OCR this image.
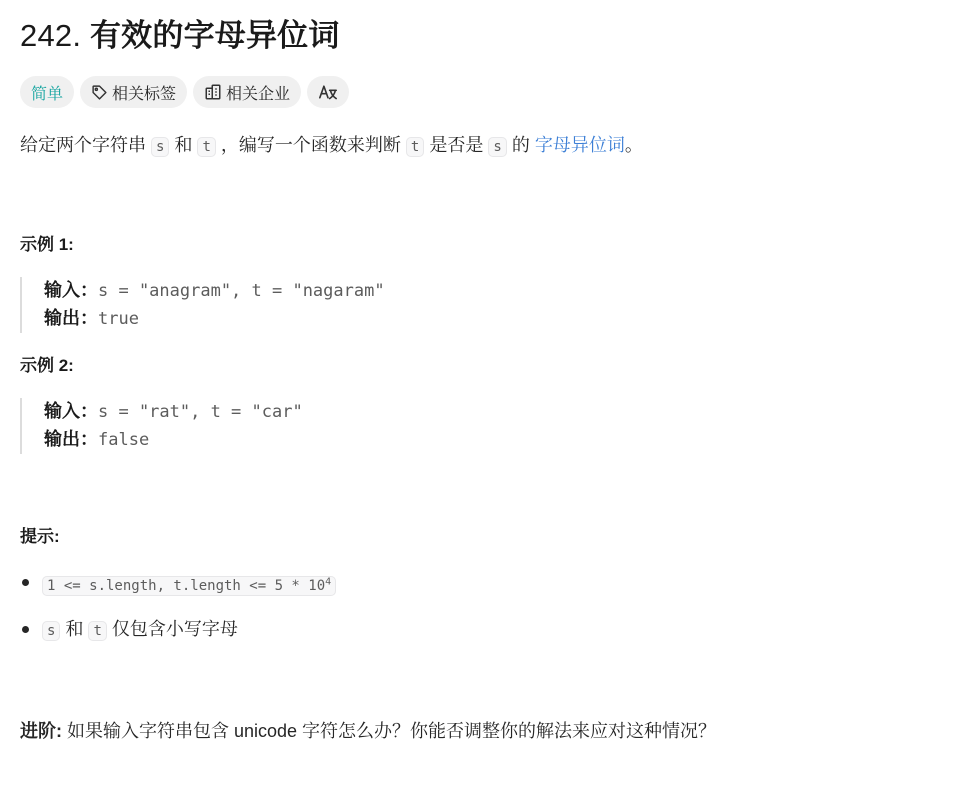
242. 有效的字母异位词
简单	相关标签	相关企业
给定两个字符串 s 和 t ，编写一个函数来判断 t 是否是 s 的 字母异位词。

示例 1:

输入：s = "anagram", t = "nagaram"
输出：true

示例 2:

输入：s = "rat", t = "car"
输出：false

提示:

1 <= s.length, t.length <= $5 * 10^4$
s 和 t 仅包含小写字母
进阶: 如果输入字符串包含 unicode 字符怎么办？你能否调整你的解法来应对这种情况？
